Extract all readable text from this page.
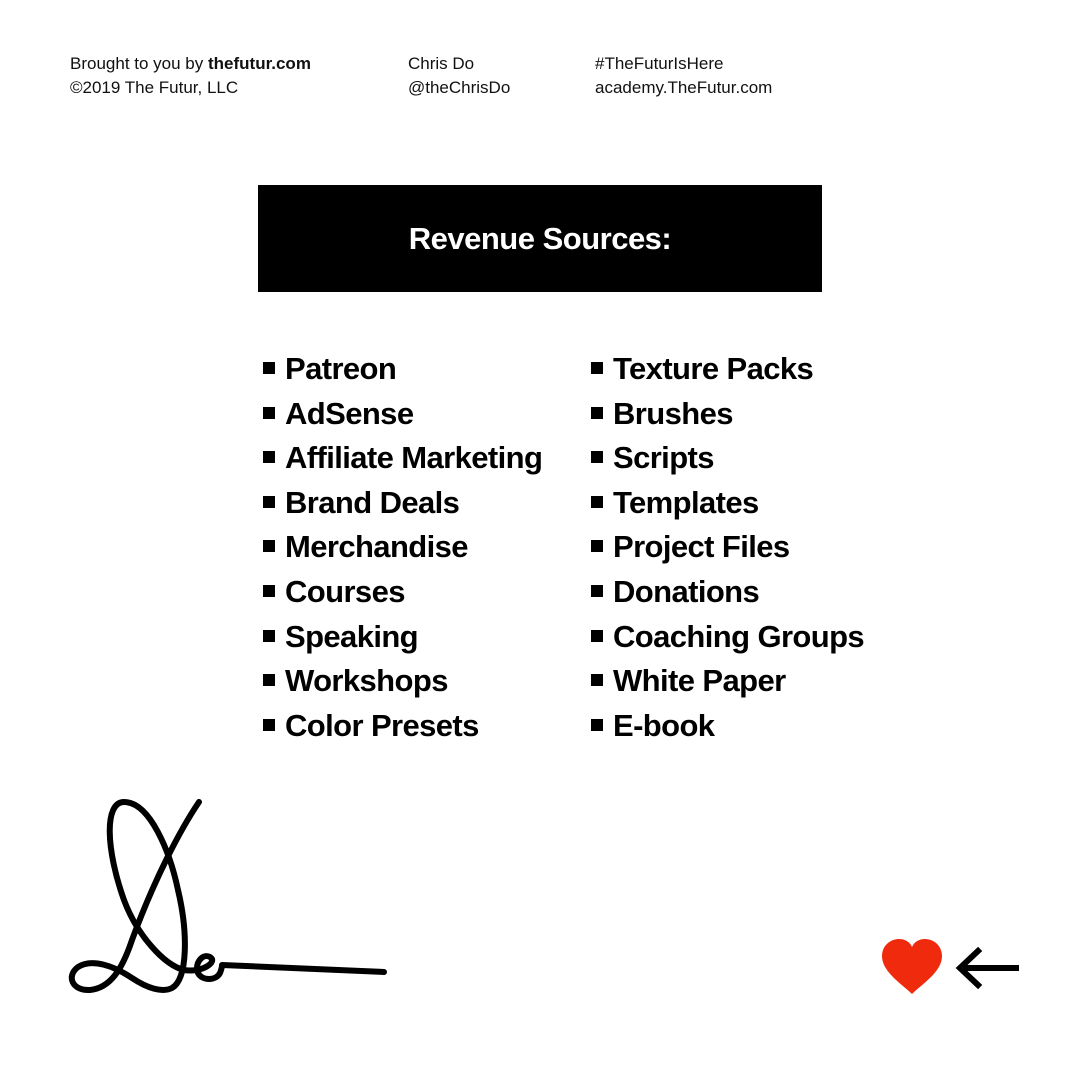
Brought to you by thefutur.com
©2019 The Futur, LLC
Chris Do
@theChrisDo
#TheFuturIsHere
academy.TheFutur.com
Revenue Sources:
Patreon
AdSense
Affiliate Marketing
Brand Deals
Merchandise
Courses
Speaking
Workshops
Color Presets
Texture Packs
Brushes
Scripts
Templates
Project Files
Donations
Coaching Groups
White Paper
E-book
